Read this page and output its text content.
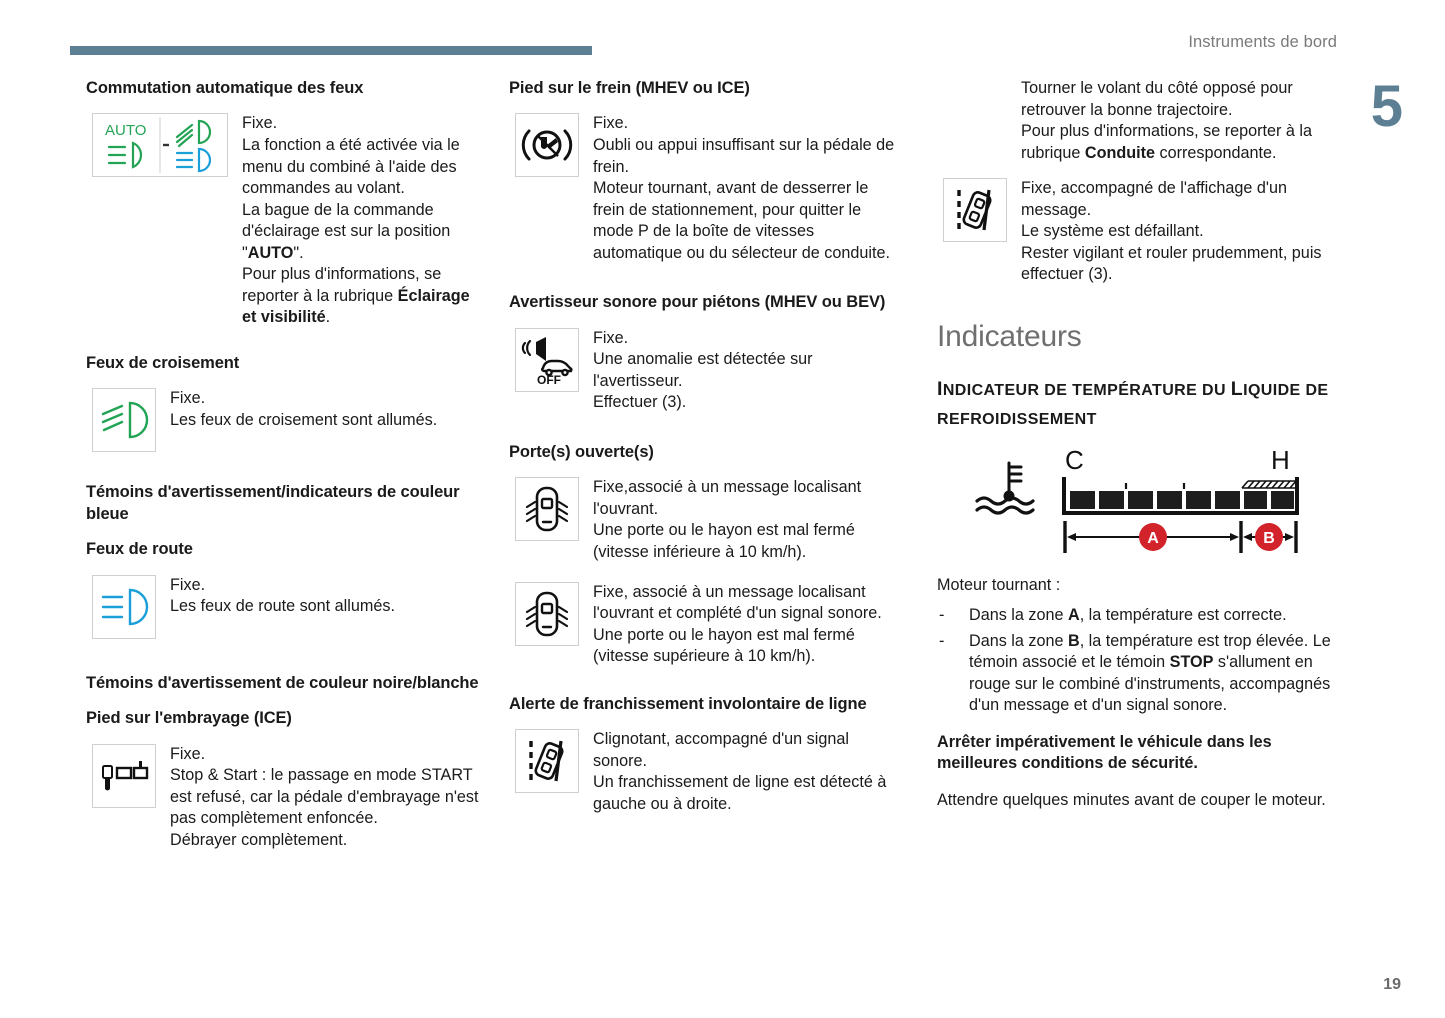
Instruments de bord
5
19
Commutation automatique des feux
AUTO	Fixe.
La fonction a été activée via le menu du combiné à l'aide des commandes au volant.
La bague de la commande d'éclairage est sur la position "AUTO".
Pour plus d'informations, se reporter à la rubrique Éclairage et visibilité.
Feux de croisement
Fixe.
Les feux de croisement sont allumés.
Témoins d'avertissement/indicateurs de couleur bleue
Feux de route
Fixe.
Les feux de route sont allumés.
Témoins d'avertissement de couleur noire/blanche
Pied sur l'embrayage (ICE)
Fixe.
Stop & Start : le passage en mode START est refusé, car la pédale d'embrayage n'est pas complètement enfoncée.
Débrayer complètement.
Pied sur le frein (MHEV ou ICE)
Fixe.
Oubli ou appui insuffisant sur la pédale de frein.
Moteur tournant, avant de desserrer le frein de stationnement, pour quitter le mode P de la boîte de vitesses automatique ou du sélecteur de conduite.
Avertisseur sonore pour piétons (MHEV ou BEV)
OFF
Fixe.
Une anomalie est détectée sur l'avertisseur.
Effectuer (3).
Porte(s) ouverte(s)
Fixe,associé à un message localisant l'ouvrant.
Une porte ou le hayon est mal fermé (vitesse inférieure à 10 km/h).
Fixe, associé à un message localisant l'ouvrant et complété d'un signal sonore.
Une porte ou le hayon est mal fermé (vitesse supérieure à 10 km/h).
Alerte de franchissement involontaire de ligne
Clignotant, accompagné d'un signal sonore.
Un franchissement de ligne est détecté à gauche ou à droite.
Tourner le volant du côté opposé pour retrouver la bonne trajectoire.
Pour plus d'informations, se reporter à la rubrique Conduite correspondante.
Fixe, accompagné de l'affichage d'un message.
Le système est défaillant.
Rester vigilant et rouler prudemment, puis effectuer (3).
Indicateurs
INDICATEUR DE TEMPÉRATURE DU LIQUIDE DE REFROIDISSEMENT
C	H
A	B

Moteur tournant :

- Dans la zone A, la température est correcte.
- Dans la zone B, la température est trop élevée. Le témoin associé et le témoin STOP s'allument en rouge sur le combiné d'instruments, accompagnés d'un message et d'un signal sonore.

Arrêter impérativement le véhicule dans les meilleures conditions de sécurité.

Attendre quelques minutes avant de couper le moteur.
